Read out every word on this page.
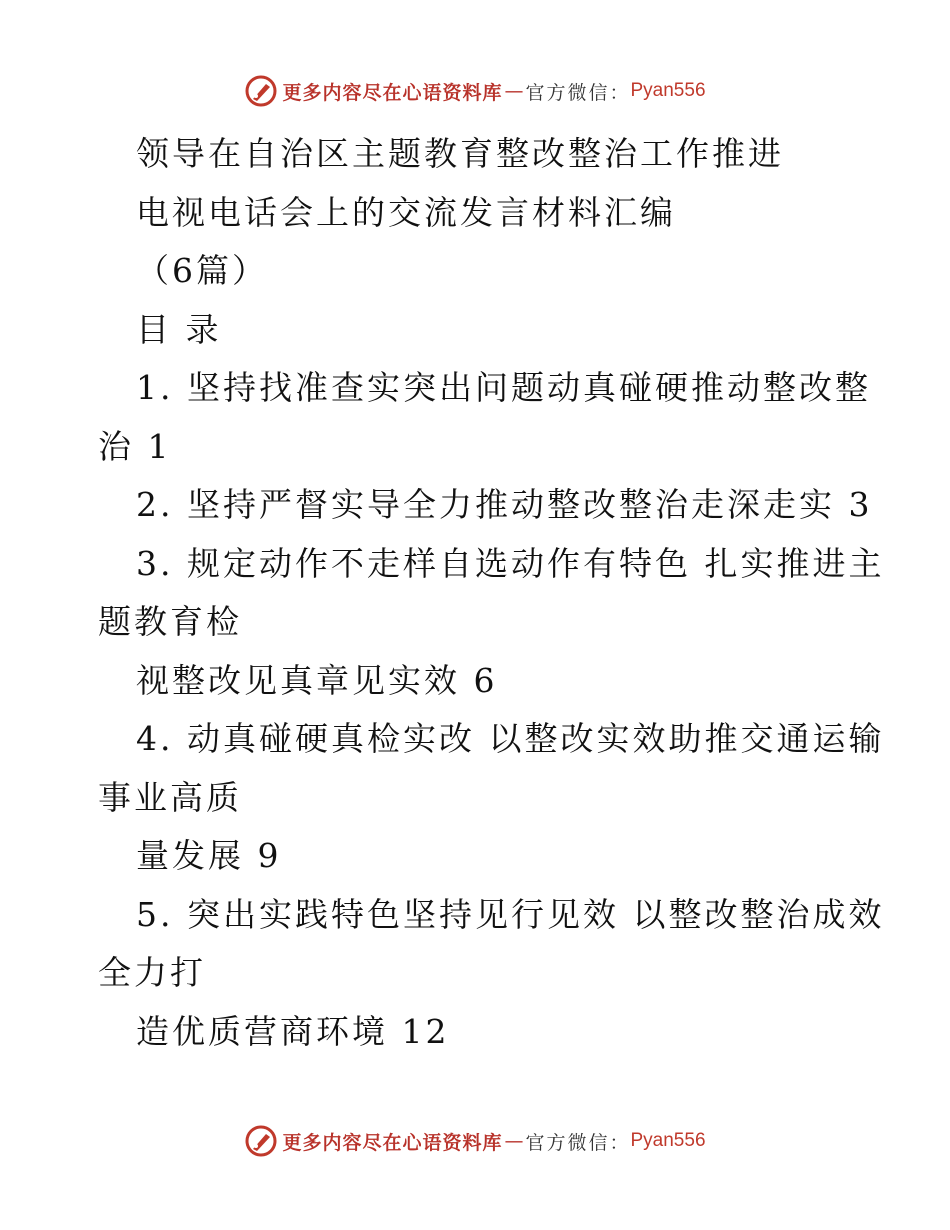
更多内容尽在心语资料库 — 官方微信： Pyan556
领导在自治区主题教育整改整治工作推进
电视电话会上的交流发言材料汇编
（6篇）
目 录
1. 坚持找准查实突出问题动真碰硬推动整改整
治 1
2. 坚持严督实导全力推动整改整治走深走实 3
3. 规定动作不走样自选动作有特色 扎实推进主
题教育检
视整改见真章见实效 6
4. 动真碰硬真检实改 以整改实效助推交通运输
事业高质
量发展 9
5. 突出实践特色坚持见行见效 以整改整治成效
全力打
造优质营商环境 12
更多内容尽在心语资料库 — 官方微信： Pyan556
